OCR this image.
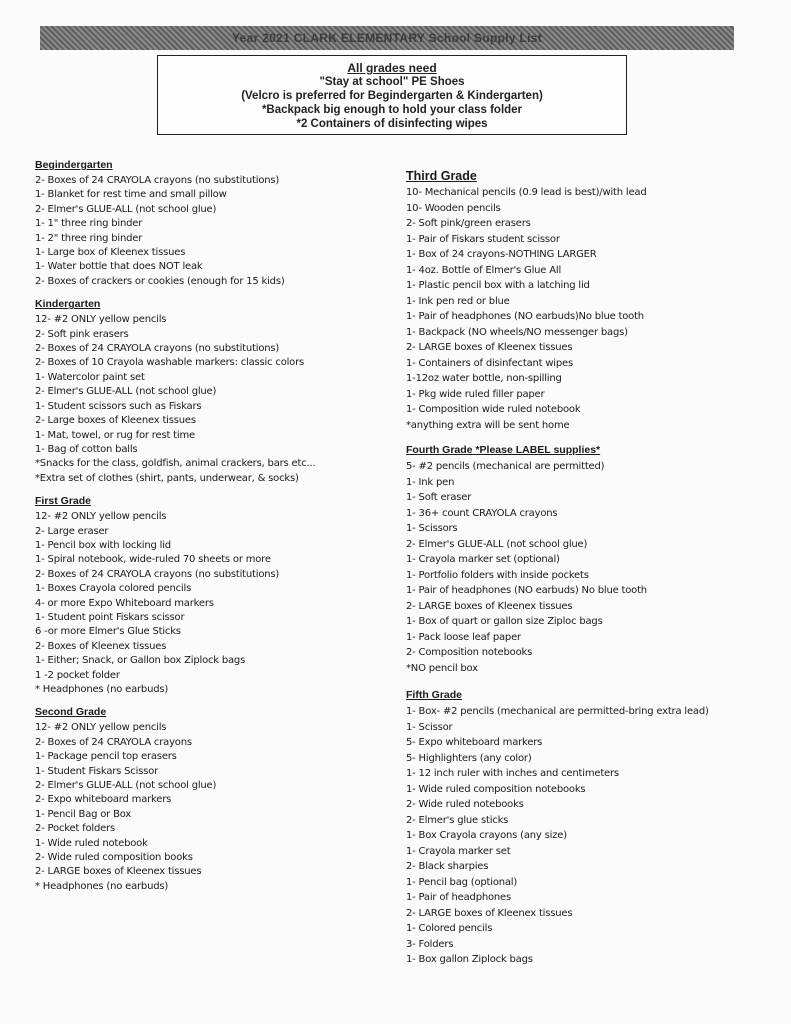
Year 2021 CLARK ELEMENTARY School Supply List
All grades need
"Stay at school" PE Shoes
(Velcro is preferred for Begindergarten & Kindergarten)
*Backpack big enough to hold your class folder
*2 Containers of disinfecting wipes
Begindergarten
2- Boxes of 24 CRAYOLA crayons (no substitutions)
1- Blanket for rest time and small pillow
2- Elmer's GLUE-ALL (not school glue)
1- 1" three ring binder
1- 2" three ring binder
1- Large box of Kleenex tissues
1- Water bottle that does NOT leak
2- Boxes of crackers or cookies (enough for 15 kids)
Kindergarten
12- #2 ONLY yellow pencils
2- Soft pink erasers
2- Boxes of 24 CRAYOLA crayons (no substitutions)
2- Boxes of 10 Crayola washable markers: classic colors
1- Watercolor paint set
2- Elmer's GLUE-ALL (not school glue)
1- Student scissors such as Fiskars
2- Large boxes of Kleenex tissues
1- Mat, towel, or rug for rest time
1- Bag of cotton balls
*Snacks for the class, goldfish, animal crackers, bars etc...
*Extra set of clothes (shirt, pants, underwear, & socks)
First Grade
12- #2 ONLY yellow pencils
2- Large eraser
1- Pencil box with locking lid
1- Spiral notebook, wide-ruled 70 sheets or more
2- Boxes of 24 CRAYOLA crayons (no substitutions)
1- Boxes Crayola colored pencils
4- or more Expo Whiteboard markers
1- Student point Fiskars scissor
6 -or more Elmer's Glue Sticks
2- Boxes of Kleenex tissues
1- Either; Snack, or Gallon box Ziplock bags
1 -2 pocket folder
* Headphones (no earbuds)
Second Grade
12- #2 ONLY yellow pencils
2- Boxes of 24 CRAYOLA crayons
1- Package pencil top erasers
1- Student Fiskars Scissor
2- Elmer's GLUE-ALL (not school glue)
2- Expo whiteboard markers
1- Pencil Bag or Box
2- Pocket folders
1- Wide ruled notebook
2- Wide ruled composition books
2- LARGE boxes of Kleenex tissues
* Headphones (no earbuds)
Third Grade
10- Mechanical pencils (0.9 lead is best)/with lead
10- Wooden pencils
2- Soft pink/green erasers
1- Pair of Fiskars student scissor
1- Box of 24 crayons-NOTHING LARGER
1- 4oz. Bottle of Elmer's Glue All
1- Plastic pencil box with a latching lid
1- Ink pen red or blue
1- Pair of headphones (NO earbuds)No blue tooth
1- Backpack (NO wheels/NO messenger bags)
2- LARGE boxes of Kleenex tissues
1- Containers of disinfectant wipes
1-12oz water bottle, non-spilling
1- Pkg wide ruled filler paper
1- Composition wide ruled notebook
*anything extra will be sent home
Fourth Grade *Please LABEL supplies*
5- #2 pencils (mechanical are permitted)
1- Ink pen
1- Soft eraser
1- 36+ count CRAYOLA crayons
1- Scissors
2- Elmer's GLUE-ALL (not school glue)
1- Crayola marker set (optional)
1- Portfolio folders with inside pockets
1- Pair of headphones (NO earbuds) No blue tooth
2- LARGE boxes of Kleenex tissues
1- Box of quart or gallon size Ziploc bags
1- Pack loose leaf paper
2- Composition notebooks
*NO pencil box
Fifth Grade
1- Box- #2 pencils (mechanical are permitted-bring extra lead)
1- Scissor
5- Expo whiteboard markers
5- Highlighters (any color)
1- 12 inch ruler with inches and centimeters
1- Wide ruled composition notebooks
2- Wide ruled notebooks
2- Elmer's glue sticks
1- Box Crayola crayons (any size)
1- Crayola marker set
2- Black sharpies
1- Pencil bag (optional)
1- Pair of headphones
2- LARGE boxes of Kleenex tissues
1- Colored pencils
3- Folders
1- Box gallon Ziplock bags
